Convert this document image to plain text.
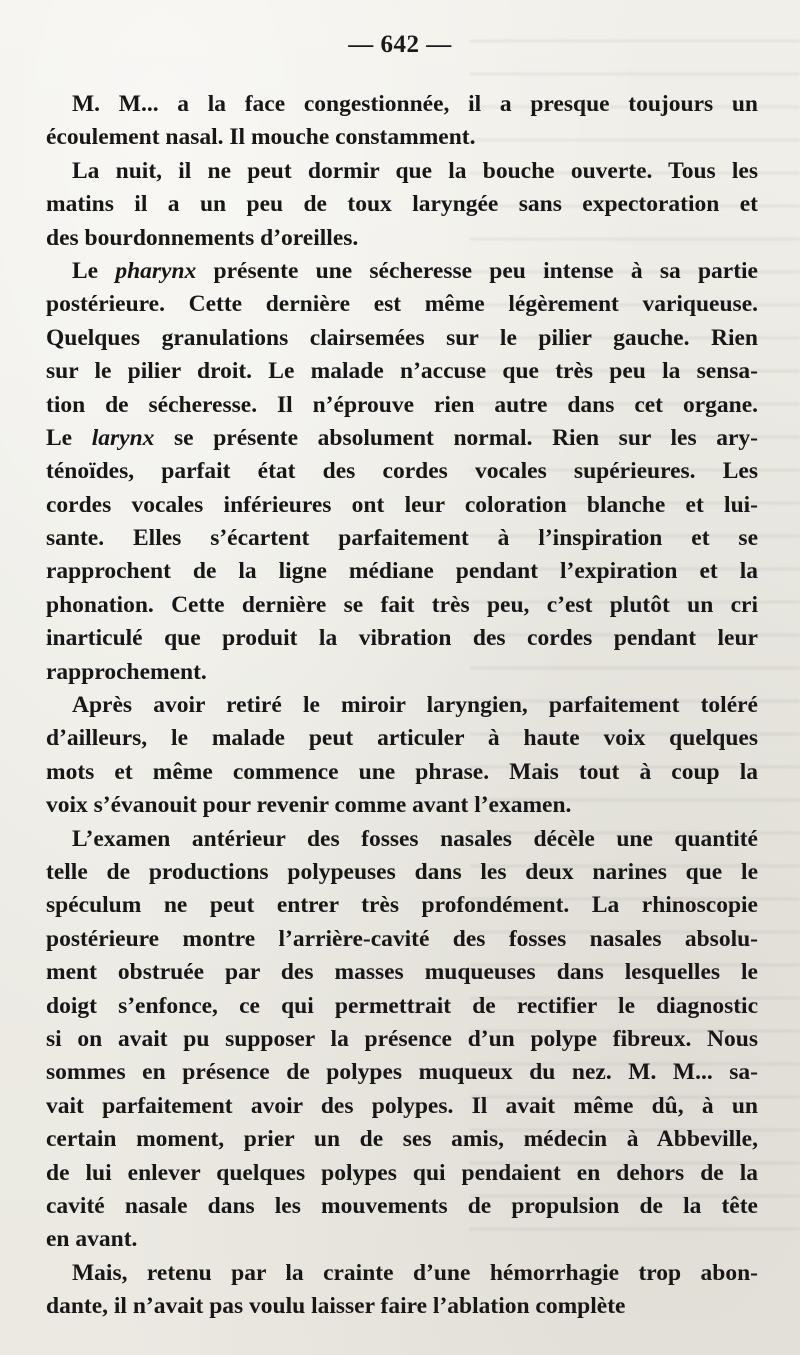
— 642 —
M. M... a la face congestionnée, il a presque toujours un
écoulement nasal. Il mouche constamment.
La nuit, il ne peut dormir que la bouche ouverte. Tous les
matins il a un peu de toux laryngée sans expectoration et
des bourdonnements d’oreilles.
Le pharynx présente une sécheresse peu intense à sa partie
postérieure. Cette dernière est même légèrement variqueuse.
Quelques granulations clairsemées sur le pilier gauche. Rien
sur le pilier droit. Le malade n’accuse que très peu la sensa-
tion de sécheresse. Il n’éprouve rien autre dans cet organe.
Le larynx se présente absolument normal. Rien sur les ary-
ténoïdes, parfait état des cordes vocales supérieures. Les
cordes vocales inférieures ont leur coloration blanche et lui-
sante. Elles s’écartent parfaitement à l’inspiration et se
rapprochent de la ligne médiane pendant l’expiration et la
phonation. Cette dernière se fait très peu, c’est plutôt un cri
inarticulé que produit la vibration des cordes pendant leur
rapprochement.
Après avoir retiré le miroir laryngien, parfaitement toléré
d’ailleurs, le malade peut articuler à haute voix quelques
mots et même commence une phrase. Mais tout à coup la
voix s’évanouit pour revenir comme avant l’examen.
L’examen antérieur des fosses nasales décèle une quantité
telle de productions polypeuses dans les deux narines que le
spéculum ne peut entrer très profondément. La rhinoscopie
postérieure montre l’arrière-cavité des fosses nasales absolu-
ment obstruée par des masses muqueuses dans lesquelles le
doigt s’enfonce, ce qui permettrait de rectifier le diagnostic
si on avait pu supposer la présence d’un polype fibreux. Nous
sommes en présence de polypes muqueux du nez. M. M... sa-
vait parfaitement avoir des polypes. Il avait même dû, à un
certain moment, prier un de ses amis, médecin à Abbeville,
de lui enlever quelques polypes qui pendaient en dehors de la
cavité nasale dans les mouvements de propulsion de la tête
en avant.
Mais, retenu par la crainte d’une hémorrhagie trop abon-
dante, il n’avait pas voulu laisser faire l’ablation complète
